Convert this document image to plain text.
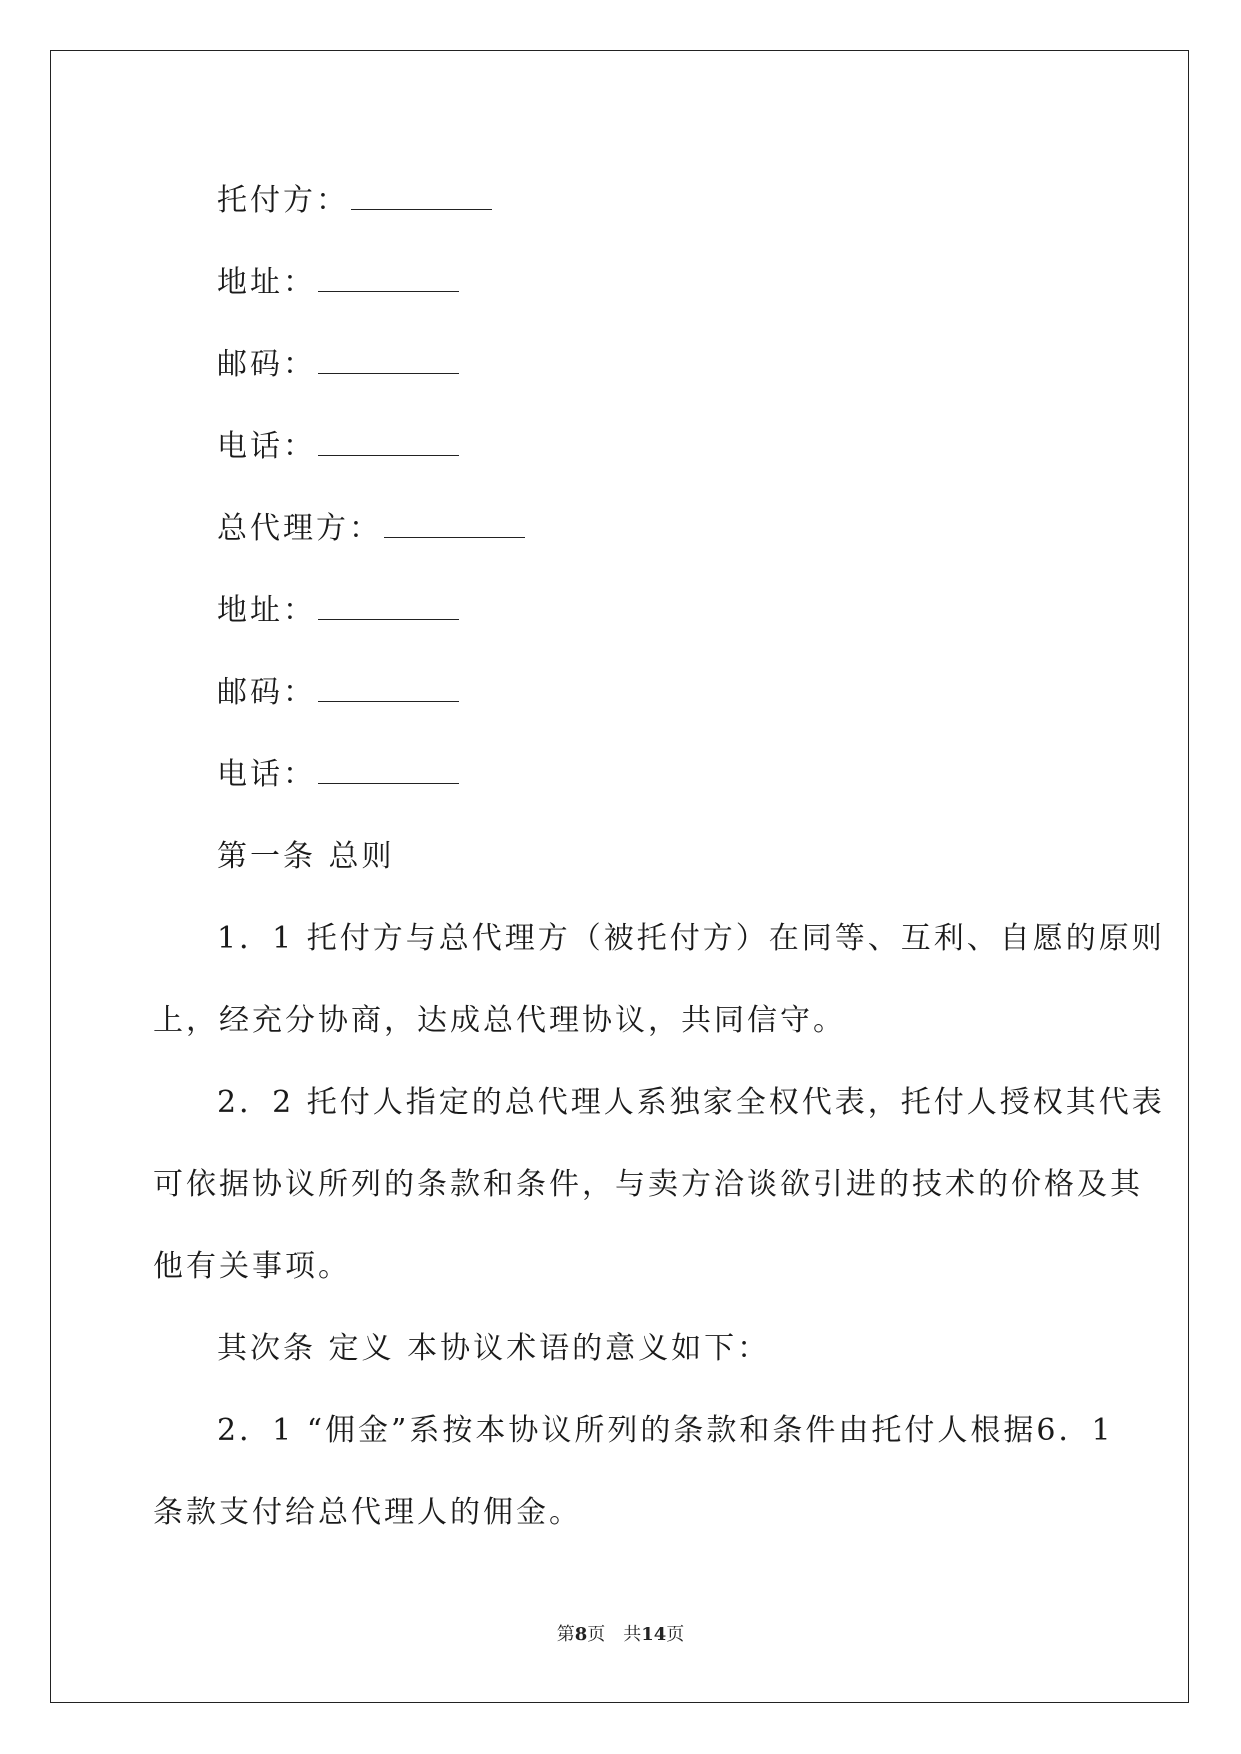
托付方：
地址：
邮码：
电话：
总代理方：
地址：
邮码：
电话：
第一条 总则
1．1 托付方与总代理方（被托付方）在同等、互利、自愿的原则
上，经充分协商，达成总代理协议，共同信守。
2．2 托付人指定的总代理人系独家全权代表，托付人授权其代表
可依据协议所列的条款和条件，与卖方洽谈欲引进的技术的价格及其
他有关事项。
其次条 定义 本协议术语的意义如下：
2．1 “佣金”系按本协议所列的条款和条件由托付人根据6．1
条款支付给总代理人的佣金。
第8页 共14页
